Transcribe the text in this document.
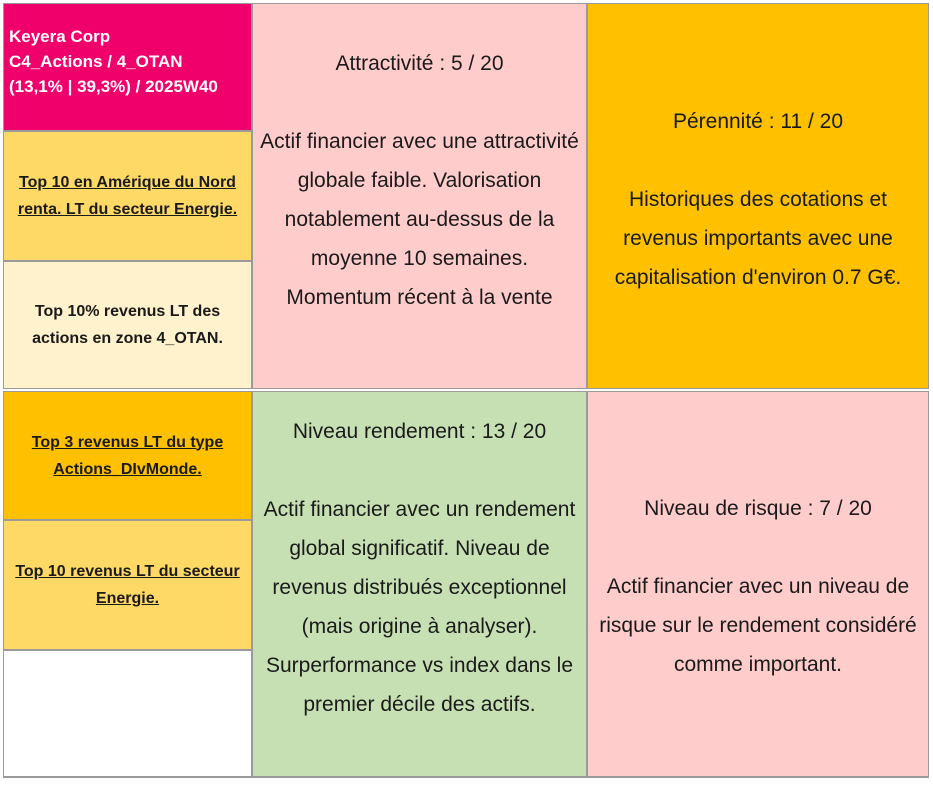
Keyera Corp
C4_Actions / 4_OTAN
(13,1% | 39,3%) / 2025W40
Top 10 en Amérique du Nord renta. LT du secteur Energie.
Top 10% revenus LT des actions en zone 4_OTAN.
Top 3 revenus LT du type Actions_DIvMonde.
Top 10 revenus LT du secteur Energie.
Attractivité : 5 / 20
Actif financier avec une attractivité globale faible. Valorisation notablement au-dessus de la moyenne 10 semaines. Momentum récent à la vente
Pérennité : 11 / 20
Historiques des cotations et revenus importants avec une capitalisation d'environ 0.7 G€.
Niveau rendement : 13 / 20
Actif financier avec un rendement global significatif. Niveau de revenus distribués exceptionnel (mais origine à analyser). Surperformance vs index dans le premier décile des actifs.
Niveau de risque : 7 / 20
Actif financier avec un niveau de risque sur le rendement considéré comme important.
